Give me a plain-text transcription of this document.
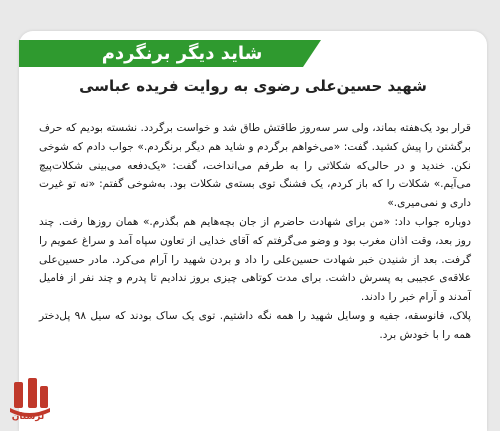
شاید دیگر برنگردم
شهید حسین‌علی رضوی به روایت فریده عباسی

قرار بود یک‌هفته بماند، ولی سر سه‌روز طاقتش طاق شد و خواست برگردد. نشسته بودیم که حرف برگشتن را پیش کشید. گفت: «می‌خواهم برگردم و شاید هم دیگر برنگردم.» جواب دادم که شوخی نکن. خندید و در حالی‌که شکلاتی را به طرفم می‌انداخت، گفت: «یک‌دفعه می‌بینی شکلات‌پیچ می‌آیم.» شکلات را که باز کردم، یک فشنگ توی بسته‌ی شکلات بود. به‌شوخی گفتم: «نه تو غیرت داری و نمی‌میری.»

دوباره جواب داد: «من برای شهادت حاضرم از جان بچه‌هایم هم بگذرم.» همان روزها رفت. چند روز بعد، وقت اذان مغرب بود و وضو می‌گرفتم که آقای خدایی از تعاون سپاه آمد و سراغ عمویم را گرفت. بعد از شنیدن خبر شهادت حسین‌علی را داد و بردن شهید را آرام می‌کرد. مادر حسین‌علی علاقه‌ی عجیبی به پسرش داشت. برای مدت کوتاهی چیزی بروز ندادیم تا پدرم و چند نفر از فامیل آمدند و آرام خبر را دادند.

پلاک، فانوسقه، جفیه و وسایل شهید را همه نگه داشتیم. توی یک ساک بودند که سیل ۹۸ پل‌دختر همه را با خودش برد.

لرستان
